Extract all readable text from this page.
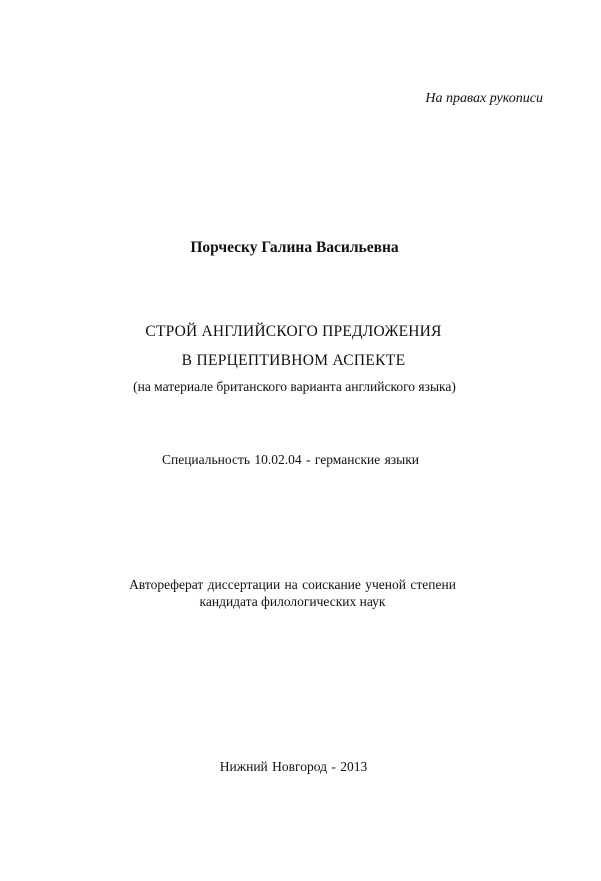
На правах рукописи
Порческу Галина Васильевна
СТРОЙ АНГЛИЙСКОГО ПРЕДЛОЖЕНИЯ
В ПЕРЦЕПТИВНОМ АСПЕКТЕ
(на материале британского варианта английского языка)
Специальность 10.02.04 - германские языки
Автореферат диссертации на соискание ученой степени
кандидата филологических наук
Нижний Новгород - 2013
